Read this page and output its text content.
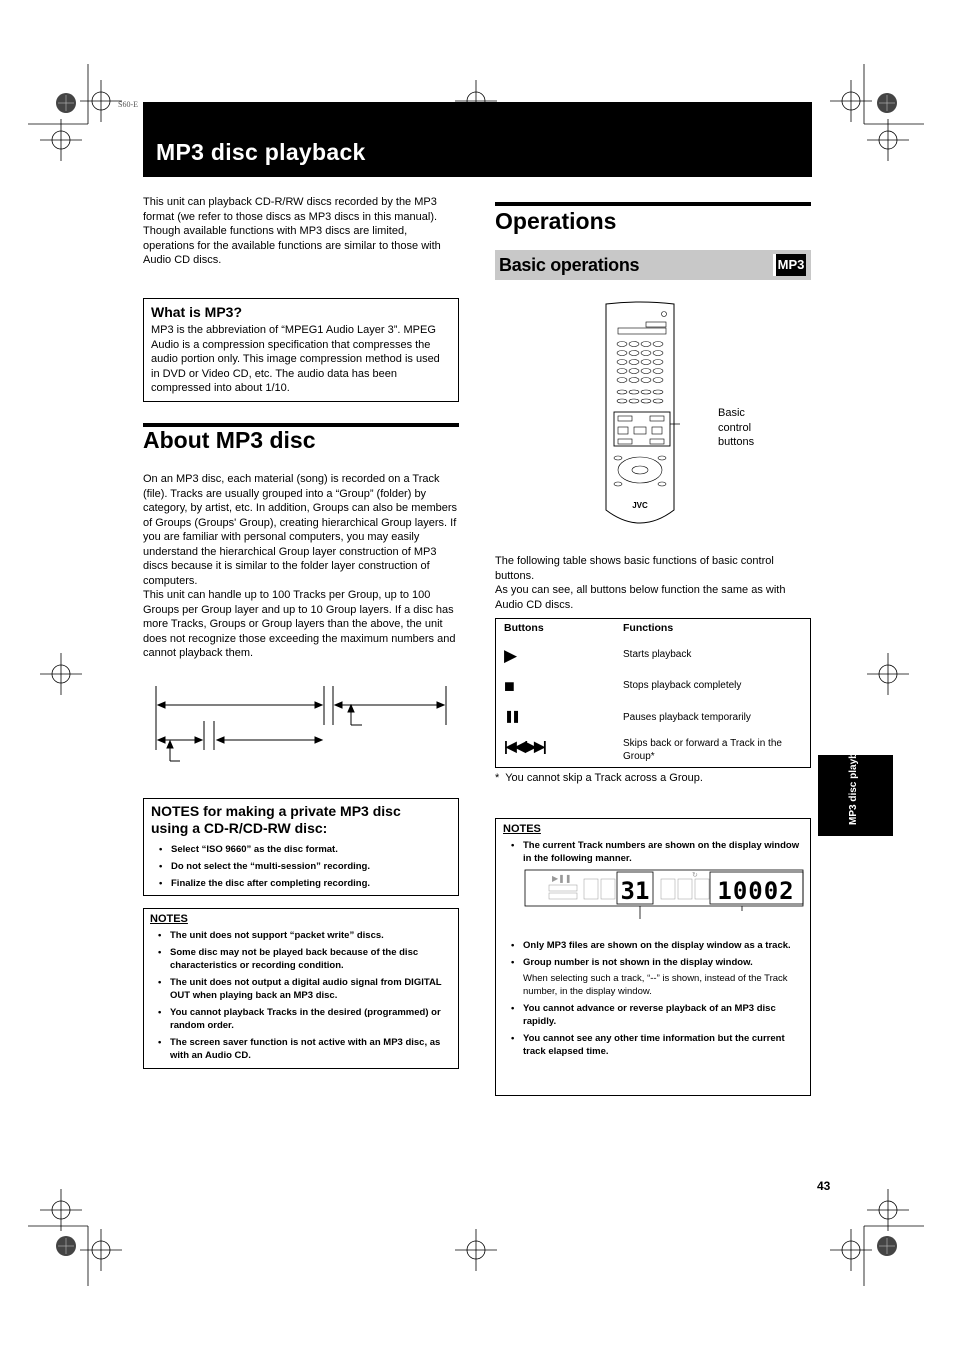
S60-E
MP3 disc playback
This unit can playback CD-R/RW discs recorded by the MP3 format (we refer to those discs as MP3 discs in this manual).
Though available functions with MP3 discs are limited, operations for the available functions are similar to those with Audio CD discs.
What is MP3?
MP3 is the abbreviation of “MPEG1 Audio Layer 3”. MPEG Audio is a compression specification that compresses the audio portion only. This image compression method is used in DVD or Video CD, etc. The audio data has been compressed into about 1/10.
About MP3 disc
On an MP3 disc, each material (song) is recorded on a Track (file). Tracks are usually grouped into a “Group” (folder) by category, by artist, etc. In addition, Groups can also be members of Groups (Groups' Group), creating hierarchical Group layers. If you are familiar with personal computers, you may easily understand the hierarchical Group layer construction of MP3 discs because it is similar to the folder layer construction of computers.
This unit can handle up to 100 Tracks per Group, up to 100 Groups per Group layer and up to 10 Group layers. If a disc has more Tracks, Groups or Group layers than the above, the unit does not recognize those exceeding the maximum numbers and cannot playback them.
NOTES for making a private MP3 disc using a CD-R/CD-RW disc:
• Select “ISO 9660” as the disc format.
• Do not select the “multi-session” recording.
• Finalize the disc after completing recording.
NOTES
• The unit does not support “packet write” discs.
• Some disc may not be played back because of the disc characteristics or recording condition.
• The unit does not output a digital audio signal from DIGITAL OUT when playing back an MP3 disc.
• You cannot playback Tracks in the desired (programmed) or random order.
• The screen saver function is not active with an MP3 disc, as with an Audio CD.
Operations
Basic operations	MP3
JVC
Basic
control
buttons
The following table shows basic functions of basic control buttons.
As you can see, all buttons below function the same as with Audio CD discs.
Buttons	Functions
▶	Starts playback
■	Stops playback completely
❚❚	Pauses playback temporarily
|◀◀/▶▶|	Skips back or forward a Track in the Group*
*  You cannot skip a Track across a Group.
NOTES
• The current Track numbers are shown on the display window in the following manner.
▶❚❚ 31	10002
↻
• Only MP3 files are shown on the display window as a track.
• Group number is not shown in the display window.
When selecting such a track, “--” is shown, instead of the Track number, in the display window.
• You cannot advance or reverse playback of an MP3 disc rapidly.
• You cannot see any other time information but the current track elapsed time.
MP3 disc playback
43
